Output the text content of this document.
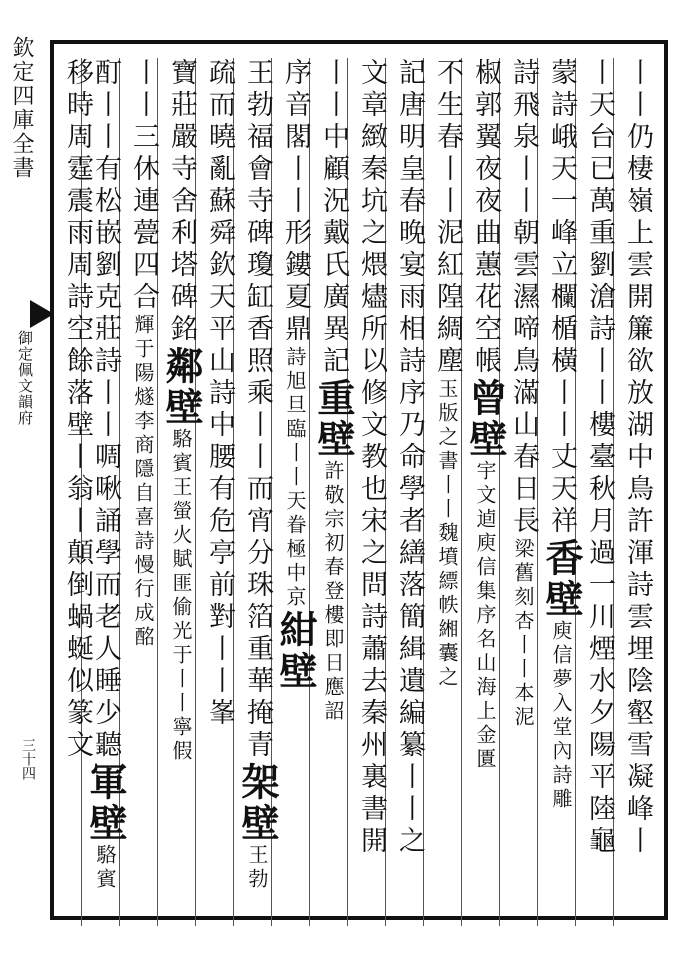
欽定四庫全書
御定佩文韻府
三十四	丨丨仍棲嶺上雲開簾欲放湖中鳥許渾詩雲埋陰壑雪凝峰丨
丨天台已萬重劉滄詩丨丨樓臺秋月過一川煙水夕陽平陸龜
蒙詩峨天一峰立欄楯橫丨丨丈天祥香壁庾信夢入堂內詩雕
詩飛泉丨丨朝雲濕啼鳥滿山春日長梁舊刻杏丨丨本泥
椒郭翼夜夜曲蕙花空帳曾壁宇文逌庾信集序名山海上金匱
不生春丨丨泥紅隍綢塵玉版之書丨丨魏墳縹帙緗囊之
記唐明皇春晚宴雨相詩序乃命學者繕落簡緝遺編纂丨丨之
文章緻秦坑之煨燼所以修文教也宋之問詩蕭去秦州裏書開
丨丨中顧況戴氏廣異記重壁許敬宗初春登樓即日應詔
序音閣丨丨形鏤夏鼎詩旭旦臨丨丨天眷極中京紺壁
王勃福會寺碑瓊缸香照乘丨丨而宵分珠箔重華掩青架壁王勃
疏而曉亂蘇舜欽天平山詩中腰有危亭前對丨丨峯
寶莊嚴寺舍利塔碑銘鄰壁駱賓王螢火賦匪偷光于丨丨寧假
丨丨三休連甍四合輝于陽燧李商隱自喜詩慢行成酩
酊丨丨有松嵌劉克莊詩丨丨啁啾誦學而老人睡少聽軍壁駱賓
移時周霆震雨周詩空餘落壁丨翁丨顛倒蝸蜒似篆文
